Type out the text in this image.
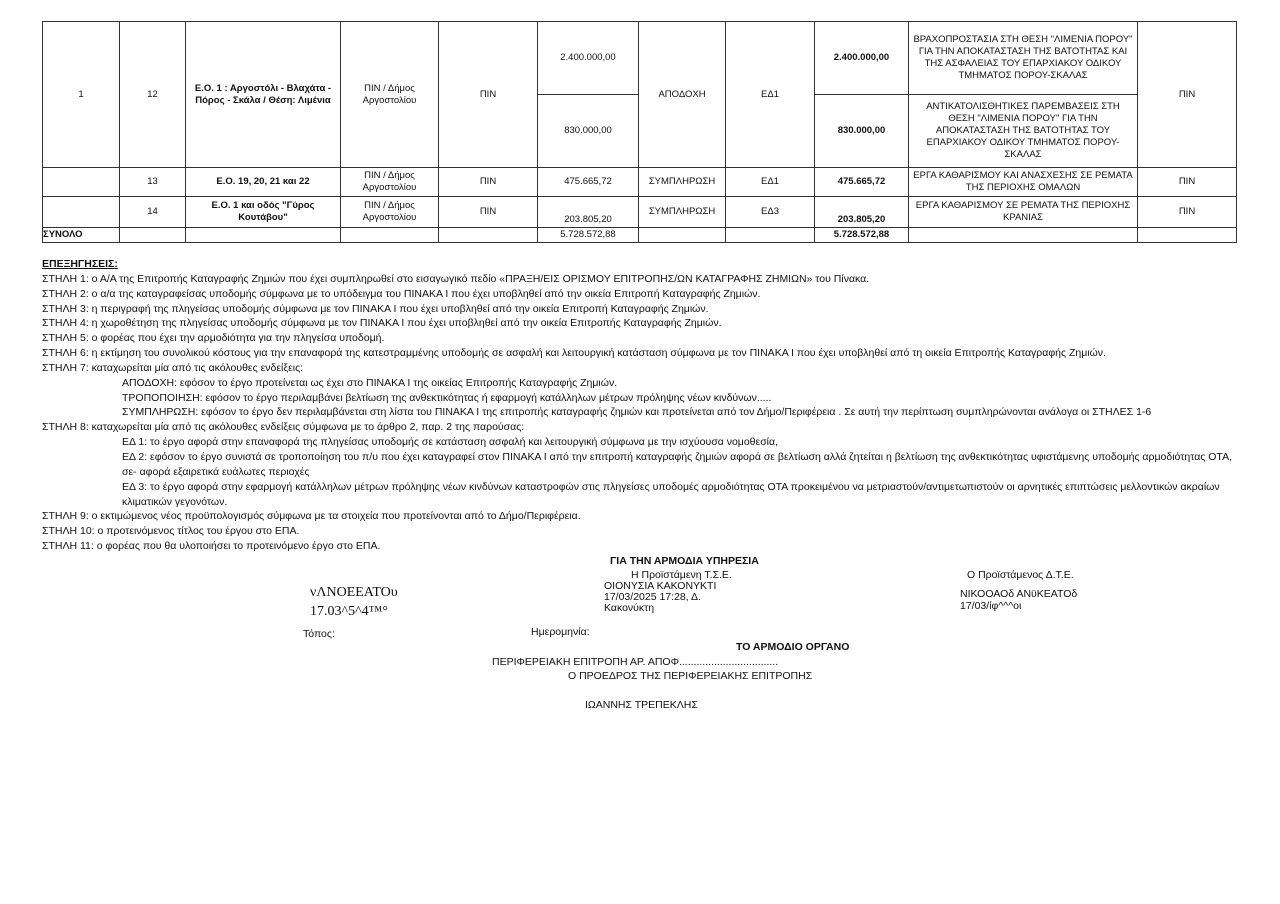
1	12	Ε.Ο. 1 : Αργοστόλι - Βλαχάτα - Πόρος - Σκάλα / Θέση: Λιμένια	ΠΙΝ / Δήμος Αργοστολίου	ΠΙΝ	2.400.000,00	ΑΠΟΔΟΧΗ	ΕΔ1	2.400.000,00	ΒΡΑΧΟΠΡΟΣΤΑΣΙΑ ΣΤΗ ΘΕΣΗ "ΛΙΜΕΝΙΑ ΠΟΡΟΥ" ΓΙΑ ΤΗΝ ΑΠΟΚΑΤΑΣΤΑΣΗ ΤΗΣ ΒΑΤΟΤΗΤΑΣ ΚΑΙ ΤΗΣ ΑΣΦΑΛΕΙΑΣ ΤΟΥ ΕΠΑΡΧΙΑΚΟΥ ΟΔΙΚΟΥ ΤΜΗΜΑΤΟΣ ΠΟΡΟΥ-ΣΚΑΛΑΣ	ΠΙΝ
					830.000,00			830.000,00	ΑΝΤΙΚΑΤΟΛΙΣΘΗΤΙΚΕΣ ΠΑΡΕΜΒΑΣΕΙΣ ΣΤΗ ΘΕΣΗ "ΛΙΜΕΝΙΑ ΠΟΡΟΥ" ΓΙΑ ΤΗΝ ΑΠΟΚΑΤΑΣΤΑΣΗ ΤΗΣ ΒΑΤΟΤΗΤΑΣ ΤΟΥ ΕΠΑΡΧΙΑΚΟΥ ΟΔΙΚΟΥ ΤΜΗΜΑΤΟΣ ΠΟΡΟΥ-ΣΚΑΛΑΣ	
	13	Ε.Ο. 19, 20, 21 και 22	ΠΙΝ / Δήμος Αργοστολίου	ΠΙΝ	475.665,72	ΣΥΜΠΛΗΡΩΣΗ	ΕΔ1	475.665,72	ΕΡΓΑ ΚΑΘΑΡΙΣΜΟΥ ΚΑΙ ΑΝΑΣΧΕΣΗΣ ΣΕ ΡΕΜΑΤΑ ΤΗΣ ΠΕΡΙΟΧΗΣ ΟΜΑΛΩΝ	ΠΙΝ
	14	Ε.Ο. 1 και οδός "Γύρος Κουτάβου"	ΠΙΝ / Δήμος Αργοστολίου	ΠΙΝ	203.805,20	ΣΥΜΠΛΗΡΩΣΗ	ΕΔ3	203.805,20	ΕΡΓΑ ΚΑΘΑΡΙΣΜΟΥ ΣΕ ΡΕΜΑΤΑ ΤΗΣ ΠΕΡΙΟΧΗΣ ΚΡΑΝΙΑΣ	ΠΙΝ
ΣΥΝΟΛΟ					5.728.572,88			5.728.572,88		
ΕΠΕΞΗΓΗΣΕΙΣ:
ΣΤΗΛΗ 1: ο Α/Α της Επιτροπής Καταγραφής Ζημιών που έχει συμπληρωθεί στο εισαγωγικό πεδίο «ΠΡΑΞΗ/ΕΙΣ ΟΡΙΣΜΟΥ ΕΠΙΤΡΟΠΗΣ/ΩΝ ΚΑΤΑΓΡΑΦΗΣ ΖΗΜΙΩΝ» του Πίνακα.
ΣΤΗΛΗ 2: ο α/α της καταγραφείσας υποδομής σύμφωνα με το υπόδειγμα του ΠΙΝΑΚΑ Ι που έχει υποβληθεί από την οικεία Επιτροπή Καταγραφής Ζημιών.
ΣΤΗΛΗ 3: η περιγραφή της πληγείσας υποδομής σύμφωνα με τον ΠΙΝΑΚΑ Ι που έχει υποβληθεί από την οικεία Επιτροπή Καταγραφής Ζημιών.
ΣΤΗΛΗ 4: η χωροθέτηση της πληγείσας υποδομής σύμφωνα με τον ΠΙΝΑΚΑ Ι που έχει υποβληθεί από την οικεία Επιτροπής Καταγραφής Ζημιών.
ΣΤΗΛΗ 5: ο φορέας που έχει την αρμοδιότητα για την πληγείσα υποδομή.
ΣΤΗΛΗ 6: η εκτίμηση του συνολικού κόστους για την επαναφορά της κατεστραμμένης υποδομής σε ασφαλή και λειτουργική κατάσταση σύμφωνα με τον ΠΙΝΑΚΑ Ι που έχει υποβληθεί από τη οικεία Επιτροπής Καταγραφής Ζημιών.
ΣΤΗΛΗ 7: καταχωρείται μία από τις ακόλουθες ενδείξεις:
ΑΠΟΔΟΧΗ: εφόσον το έργο προτείνεται ως έχει στο ΠΙΝΑΚΑ Ι της οικείας Επιτροπής Καταγραφής Ζημιών.
ΤΡΟΠΟΠΟΙΗΣΗ: εφόσον το έργο περιλαμβάνει βελτίωση της ανθεκτικότητας ή εφαρμογή κατάλληλων μέτρων πρόληψης νέων κινδύνων.....
ΣΥΜΠΛΗΡΩΣΗ: εφόσον το έργο δεν περιλαμβάνεται στη λίστα του ΠΙΝΑΚΑ Ι της επιτροπής καταγραφής ζημιών και προτείνεται από τον Δήμο/Περιφέρεια . Σε αυτή την περίπτωση συμπληρώνονται ανάλογα οι ΣΤΗΛΕΣ 1-6
ΣΤΗΛΗ 8: καταχωρείται μία από τις ακόλουθες ενδείξεις σύμφωνα με το άρθρο 2, παρ. 2 της παρούσας:
ΕΔ 1: το έργο αφορά στην επαναφορά της πληγείσας υποδομής σε κατάσταση ασφαλή και λειτουργική σύμφωνα με την ισχύουσα νομοθεσία,
ΕΔ 2: εφόσον το έργο συνιστά σε τροποποίηση του π/υ που έχει καταγραφεί στον ΠΙΝΑΚΑ Ι από την επιτροπή καταγραφής ζημιών αφορά σε βελτίωση αλλά ζητείται η βελτίωση της ανθεκτικότητας υφιστάμενης υποδομής αρμοδιότητας ΟΤΑ, σε- αφορά εξαιρετικά ευάλωτες περιοχές
ΕΔ 3: το έργο αφορά στην εφαρμογή κατάλληλων μέτρων πρόληψης νέων κινδύνων καταστροφών στις πληγείσες υποδομές αρμοδιότητας ΟΤΑ προκειμένου να μετριαστούν/αντιμετωπιστούν οι αρνητικές επιπτώσεις μελλοντικών ακραίων κλιματικών γεγονότων.
ΣΤΗΛΗ 9: ο εκτιμώμενος νέος προϋπολογισμός σύμφωνα με τα στοιχεία που προτείνονται από το Δήμο/Περιφέρεια.
ΣΤΗΛΗ 10: ο προτεινόμενος τίτλος του έργου στο ΕΠΑ.
ΣΤΗΛΗ 11: ο φορέας που θα υλοποιήσει το προτεινόμενο έργο στο ΕΠΑ.
ΓΙΑ ΤΗΝ ΑΡΜΟΔΙΑ ΥΠΗΡΕΣΙΑ
νΛΝΟΕΕΑΤΟυ
17.03^5^4™°
Η Προϊστάμενη Τ.Σ.Ε.
ΟΙΟΝΥΣΙΑ ΚΑΚΟΝΥΚΤΙ
17/03/2025 17:28, Δ.
Κακονύκτη
Ο Προϊστάμενος Δ.Τ.Ε.
ΝΙΚΟΟΑΟδ ΑΝϋΚΕΑΤΟδ
17/03/ίφ^^^οι
Τόπος:	Ημερομηνία:
ΤΟ ΑΡΜΟΔΙΟ ΟΡΓΑΝΟ
ΠΕΡΙΦΕΡΕΙΑΚΗ ΕΠΙΤΡΟΠΗ ΑΡ. ΑΠΟΦ..................................
Ο ΠΡΟΕΔΡΟΣ ΤΗΣ ΠΕΡΙΦΕΡΕΙΑΚΗΣ ΕΠΙΤΡΟΠΗΣ
ΙΩΑΝΝΗΣ ΤΡΕΠΕΚΛΗΣ
